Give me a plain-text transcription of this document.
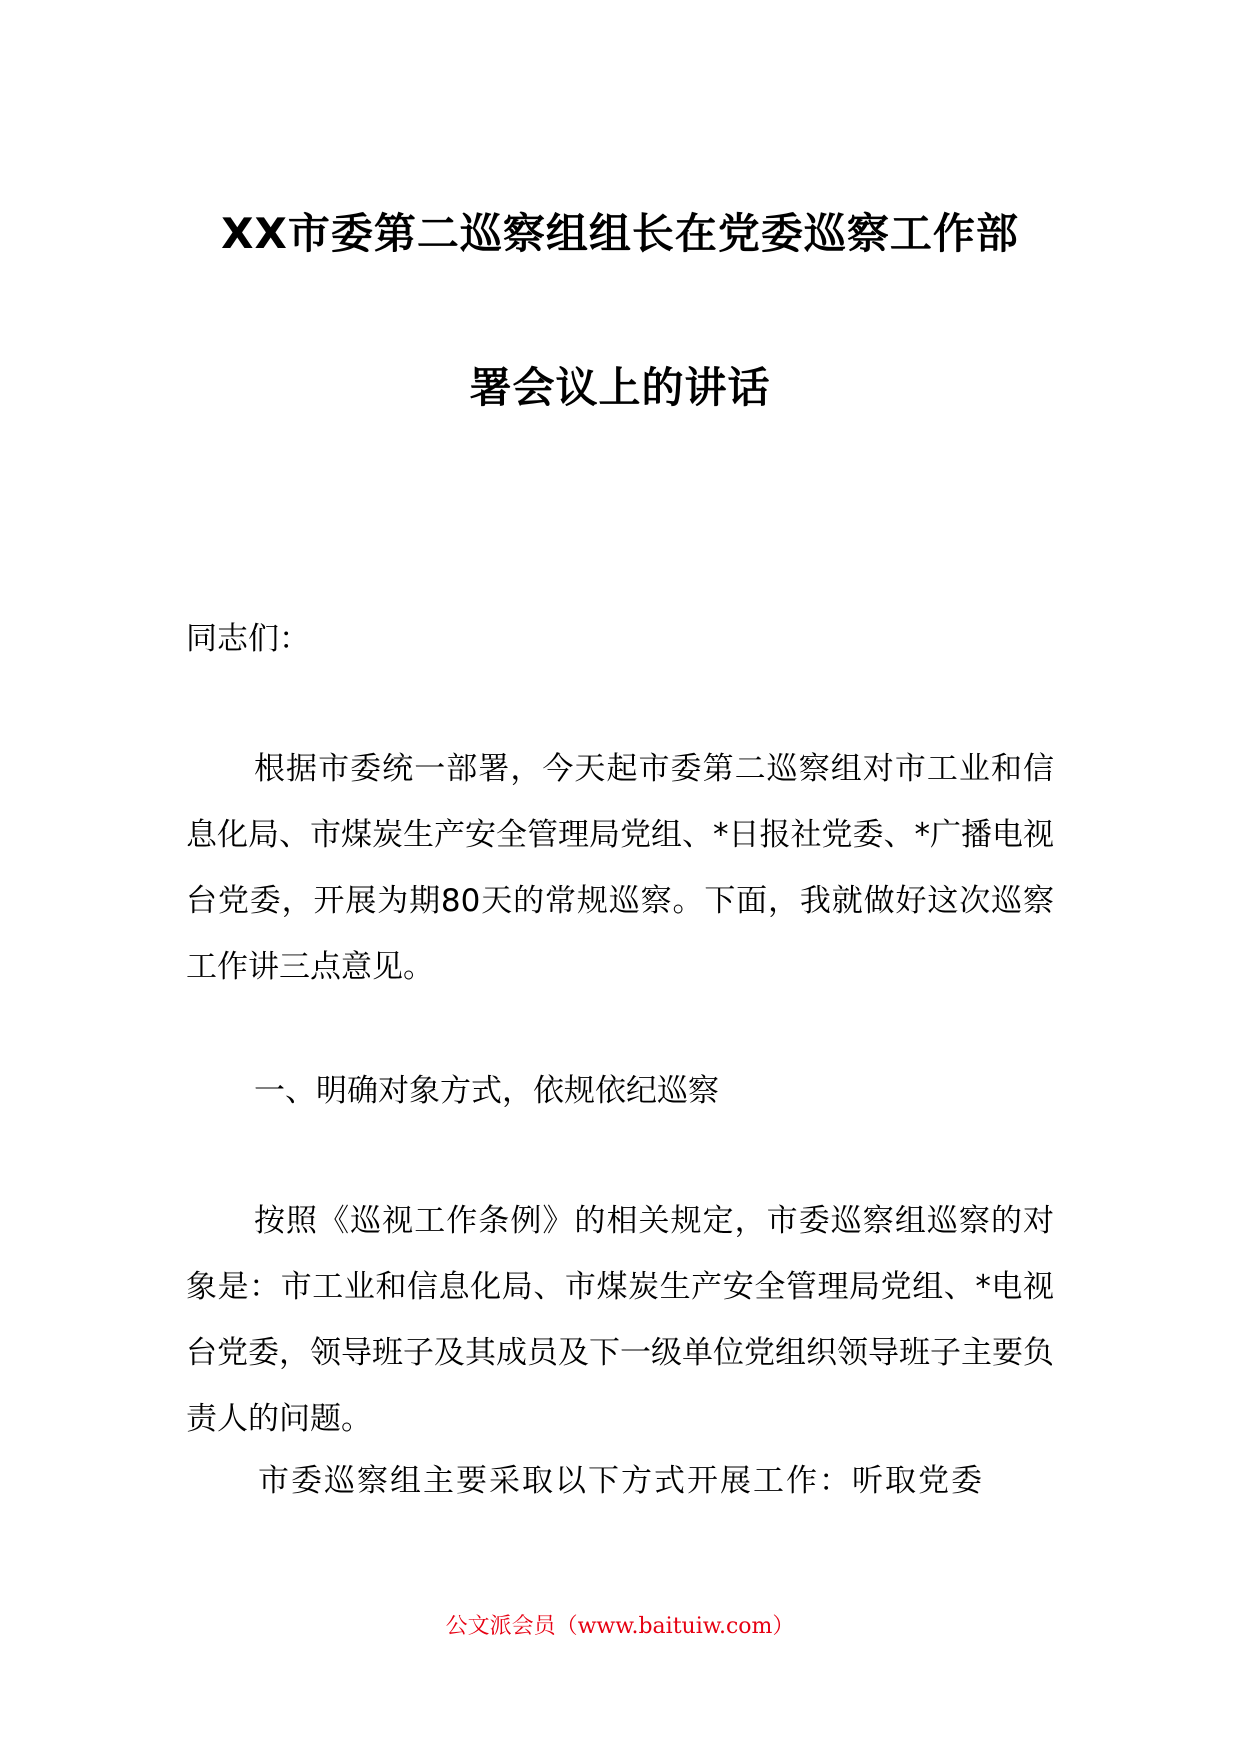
XX市委第二巡察组组长在党委巡察工作部
署会议上的讲话
同志们：
根据市委统一部署，今天起市委第二巡察组对市工业和信息化局、市煤炭生产安全管理局党组、*日报社党委、*广播电视台党委，开展为期80天的常规巡察。下面，我就做好这次巡察工作讲三点意见。
一、明确对象方式，依规依纪巡察
按照《巡视工作条例》的相关规定，市委巡察组巡察的对象是：市工业和信息化局、市煤炭生产安全管理局党组、*电视台党委，领导班子及其成员及下一级单位党组织领导班子主要负责人的问题。
市委巡察组主要采取以下方式开展工作：听取党委
公文派会员（www.baituiw.com）
